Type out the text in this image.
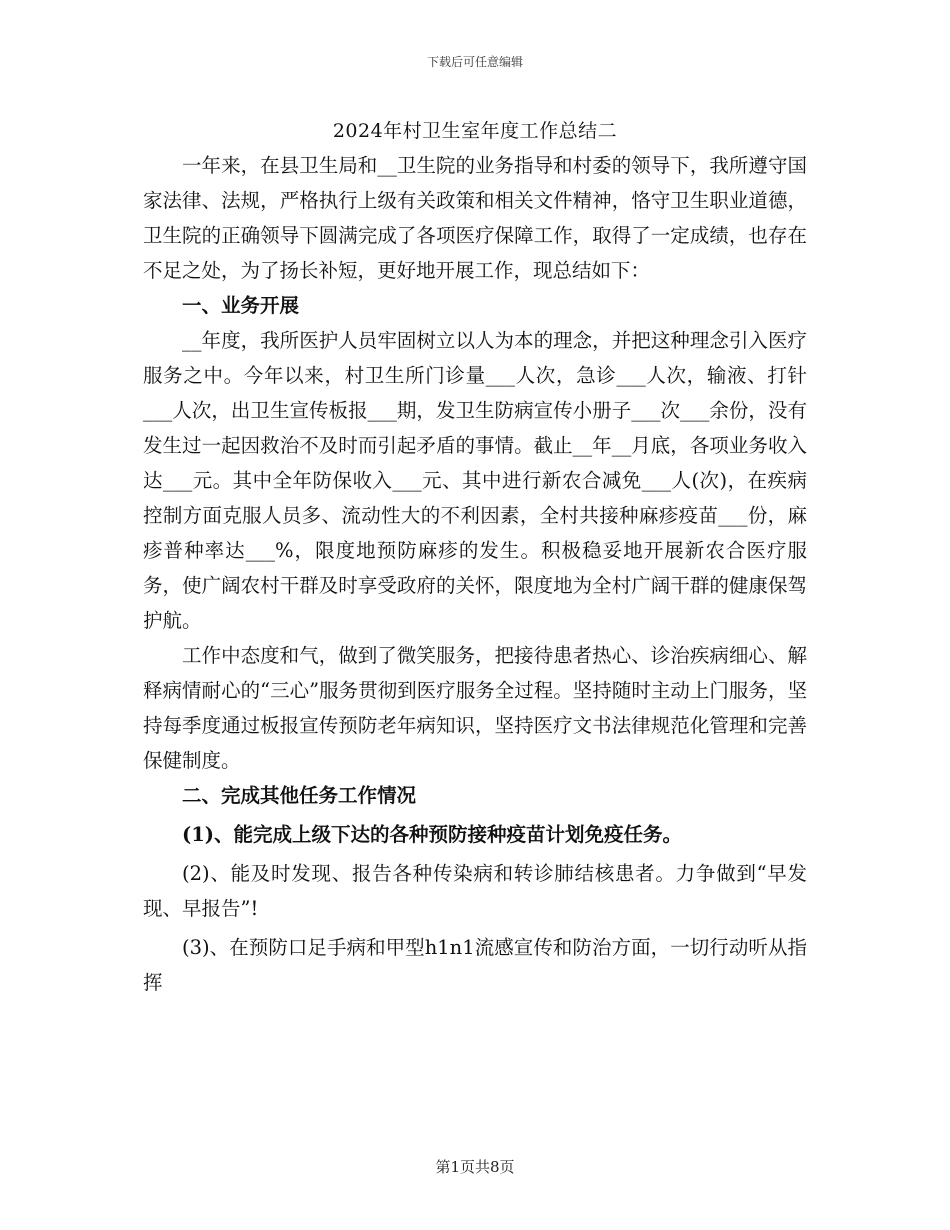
下载后可任意编辑

2024年村卫生室年度工作总结二

一年来，在县卫生局和__卫生院的业务指导和村委的领导下，我所遵守国家法律、法规，严格执行上级有关政策和相关文件精神，恪守卫生职业道德，卫生院的正确领导下圆满完成了各项医疗保障工作，取得了一定成绩，也存在不足之处，为了扬长补短，更好地开展工作，现总结如下：

一、业务开展

__年度，我所医护人员牢固树立以人为本的理念，并把这种理念引入医疗服务之中。今年以来，村卫生所门诊量___人次，急诊___人次，输液、打针___人次，出卫生宣传板报___期，发卫生防病宣传小册子___次___余份，没有发生过一起因救治不及时而引起矛盾的事情。截止__年__月底，各项业务收入达___元。其中全年防保收入___元、其中进行新农合减免___人(次)，在疾病控制方面克服人员多、流动性大的不利因素，全村共接种麻疹疫苗___份，麻疹普种率达___%，限度地预防麻疹的发生。积极稳妥地开展新农合医疗服务，使广阔农村干群及时享受政府的关怀，限度地为全村广阔干群的健康保驾护航。

工作中态度和气，做到了微笑服务，把接待患者热心、诊治疾病细心、解释病情耐心的“三心”服务贯彻到医疗服务全过程。坚持随时主动上门服务，坚持每季度通过板报宣传预防老年病知识，坚持医疗文书法律规范化管理和完善保健制度。

二、完成其他任务工作情况

(1)、能完成上级下达的各种预防接种疫苗计划免疫任务。

(2)、能及时发现、报告各种传染病和转诊肺结核患者。力争做到“早发现、早报告”!

(3)、在预防口足手病和甲型h1n1流感宣传和防治方面，一切行动听从指挥

第1页共8页
